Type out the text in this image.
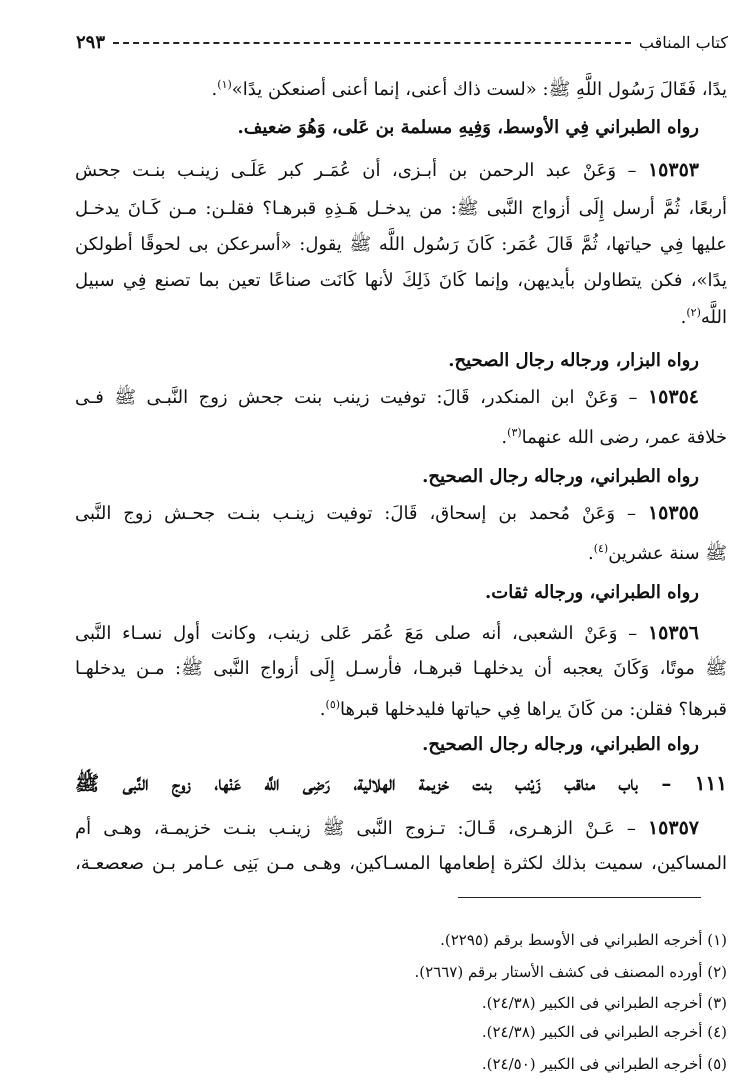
كتاب المناقب
٢٩٣
يدًا، فَقَالَ رَسُول اللَّهِ ﷺ: «لست ذاك أعنى، إنما أعنى أصنعكن يدًا»$^{(١)}$.
رواه الطبراني فِي الأوسط، وَفِيهِ مسلمة بن عَلى، وَهُوَ ضعيف.
١٥٣٥٣ – وَعَنْ عبد الرحمن بن أبـزى، أن عُمَـر كبر عَلَـى زينـب بنـت جحش
أربعًا، ثُمَّ أرسل إِلَى أزواج النَّبى ﷺ: من يدخـل هَـذِهِ قبرهـا؟ فقلـن: مـن كَـانَ يدخـل
عليها فِي حياتها، ثُمَّ قَالَ عُمَر: كَانَ رَسُول اللَّه ﷺ يقول: «أسرعكن بى لحوقًا أطولكن
يدًا»، فكن يتطاولن بأيديهن، وإنما كَانَ ذَلِكَ لأنها كَانَت صناعًا تعين بما تصنع فِي سبيل
اللَّه$^{(٢)}$.
رواه البزار، ورجاله رجال الصحيح.
١٥٣٥٤ – وَعَنْ ابن المنكدر، قَالَ: توفيت زينب بنت جحش زوج النَّبـى ﷺ فـى
خلافة عمر، رضى الله عنهما$^{(٣)}$.
رواه الطبراني، ورجاله رجال الصحيح.
١٥٣٥٥ – وَعَنْ مُحمد بن إسحاق، قَالَ: توفيت زينـب بنـت جحـش زوج النَّبى
ﷺ سنة عشرين$^{(٤)}$.
رواه الطبراني، ورجاله ثقات.
١٥٣٥٦ – وَعَنْ الشعبى، أنه صلى مَعَ عُمَر عَلى زينب، وكانت أول نسـاء النَّبى
ﷺ موتًا، وَكَانَ يعجبه أن يدخلهـا قبرهـا، فأرسـل إِلَى أزواج النَّبى ﷺ: مـن يدخلهـا
قبرها؟ فقلن: من كَانَ يراها فِي حياتها فليدخلها قبرها$^{(٥)}$.
رواه الطبراني، ورجاله رجال الصحيح.
١١١ – باب مناقب زَيْنب بنت خزيمة الهلالية، رَضِى اللَّه عَنْها، زوج النَّبى ﷺ
١٥٣٥٧ – عَـنْ الزهـرى، قَـالَ: تـزوج النَّبى ﷺ زينـب بنـت خزيمـة، وهـى أم
المساكين، سميت بذلك لكثرة إطعامها المسـاكين، وهـى مـن بَنِى عـامر بـن صعصعـة،
(١) أخرجه الطبراني فى الأوسط برقم (٢٢٩٥).
(٢) أورده المصنف فى كشف الأستار برقم (٢٦٦٧).
(٣) أخرجه الطبراني فى الكبير (٢٤/٣٨).
(٤) أخرجه الطبراني فى الكبير (٢٤/٣٨).
(٥) أخرجه الطبراني فى الكبير (٢٤/٥٠).
